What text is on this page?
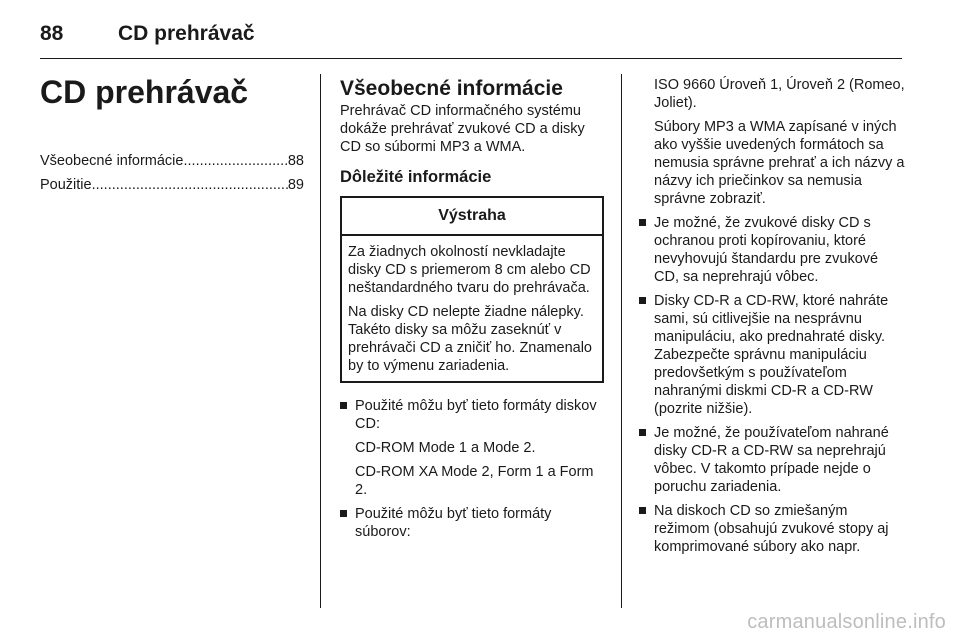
88	CD prehrávač
CD prehrávač
Všeobecné informácie .....	88
Použitie .....	89
Všeobecné informácie

Prehrávač CD informačného systému dokáže prehrávať zvukové CD a disky CD so súbormi MP3 a WMA.

Dôležité informácie
Výstraha

Za žiadnych okolností nevkladajte disky CD s priemerom 8 cm alebo CD neštandardného tvaru do prehrávača.

Na disky CD nelepte žiadne nálepky. Takéto disky sa môžu zaseknúť v prehrávači CD a zničiť ho. Znamenalo by to výmenu zariadenia.

Použité môžu byť tieto formáty diskov CD:

CD-ROM Mode 1 a Mode 2.

CD-ROM XA Mode 2, Form 1 a Form 2.

Použité môžu byť tieto formáty súborov:

ISO 9660 Úroveň 1, Úroveň 2 (Romeo, Joliet).

Súbory MP3 a WMA zapísané v iných ako vyššie uvedených formátoch sa nemusia správne prehrať a ich názvy a názvy ich priečinkov sa nemusia správne zobraziť.

Je možné, že zvukové disky CD s ochranou proti kopírovaniu, ktoré nevyhovujú štandardu pre zvukové CD, sa neprehrajú vôbec.

Disky CD-R a CD-RW, ktoré nahráte sami, sú citlivejšie na nesprávnu manipuláciu, ako prednahraté disky. Zabezpečte správnu manipuláciu predovšetkým s používateľom nahranými diskmi CD-R a CD-RW (pozrite nižšie).

Je možné, že používateľom nahrané disky CD-R a CD-RW sa neprehrajú vôbec. V takomto prípade nejde o poruchu zariadenia.

Na diskoch CD so zmiešaným režimom (obsahujú zvukové stopy aj komprimované súbory ako napr.

carmanualsonline.info
